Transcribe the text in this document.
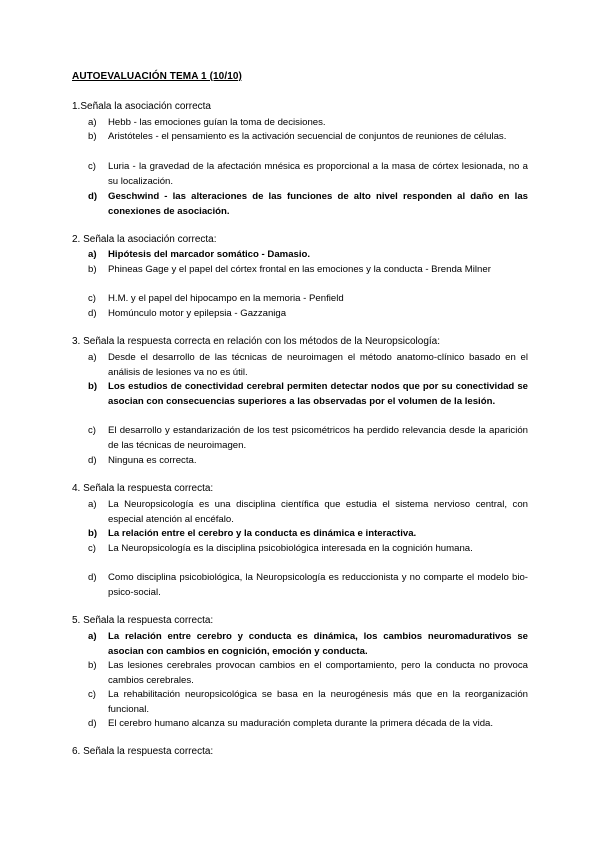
AUTOEVALUACIÓN TEMA 1 (10/10)
1.Señala la asociación correcta
a) Hebb - las emociones guían la toma de decisiones.
b) Aristóteles - el pensamiento es la activación secuencial de conjuntos de reuniones de células.
c) Luria - la gravedad de la afectación mnésica es proporcional a la masa de córtex lesionada, no a su localización.
d) Geschwind - las alteraciones de las funciones de alto nivel responden al daño en las conexiones de asociación.
2. Señala la asociación correcta:
a) Hipótesis del marcador somático - Damasio.
b) Phineas Gage y el papel del córtex frontal en las emociones y la conducta - Brenda Milner
c) H.M. y el papel del hipocampo en la memoria - Penfield
d) Homúnculo motor y epilepsia - Gazzaniga
3. Señala la respuesta correcta en relación con los métodos de la Neuropsicología:
a) Desde el desarrollo de las técnicas de neuroimagen el método anatomo-clínico basado en el análisis de lesiones va no es útil.
b) Los estudios de conectividad cerebral permiten detectar nodos que por su conectividad se asocian con consecuencias superiores a las observadas por el volumen de la lesión.
c) El desarrollo y estandarización de los test psicométricos ha perdido relevancia desde la aparición de las técnicas de neuroimagen.
d) Ninguna es correcta.
4. Señala la respuesta correcta:
a) La Neuropsicología es una disciplina científica que estudia el sistema nervioso central, con especial atención al encéfalo.
b) La relación entre el cerebro y la conducta es dinámica e interactiva.
c) La Neuropsicología es la disciplina psicobiológica interesada en la cognición humana.
d) Como disciplina psicobiológica, la Neuropsicología es reduccionista y no comparte el modelo bio-psico-social.
5. Señala la respuesta correcta:
a) La relación entre cerebro y conducta es dinámica, los cambios neuromadurativos se asocian con cambios en cognición, emoción y conducta.
b) Las lesiones cerebrales provocan cambios en el comportamiento, pero la conducta no provoca cambios cerebrales.
c) La rehabilitación neuropsicológica se basa en la neurogénesis más que en la reorganización funcional.
d) El cerebro humano alcanza su maduración completa durante la primera década de la vida.
6. Señala la respuesta correcta:
